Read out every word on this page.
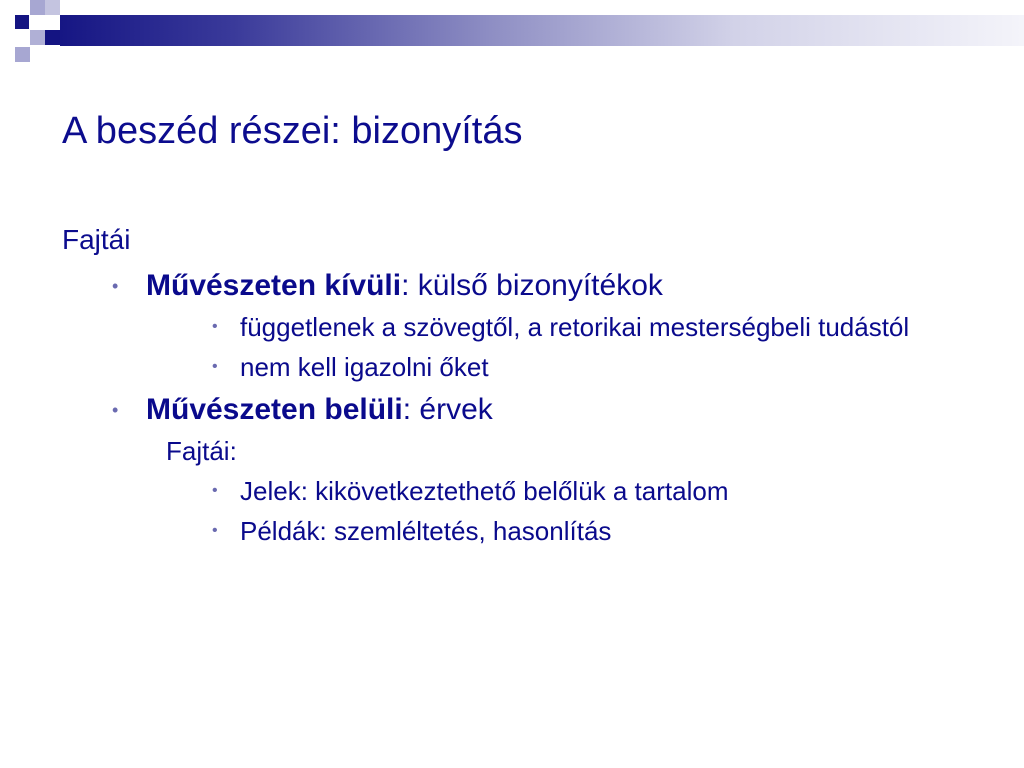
A beszéd részei: bizonyítás
Fajtái
• Művészeten kívüli: külső bizonyítékok
• függetlenek a szövegtől, a retorikai mesterségbeli tudástól
• nem kell igazolni őket
• Művészeten belüli: érvek
Fajtái:
• Jelek: kikövetkeztethető belőlük a tartalom
• Példák: szemléltetés, hasonlítás
